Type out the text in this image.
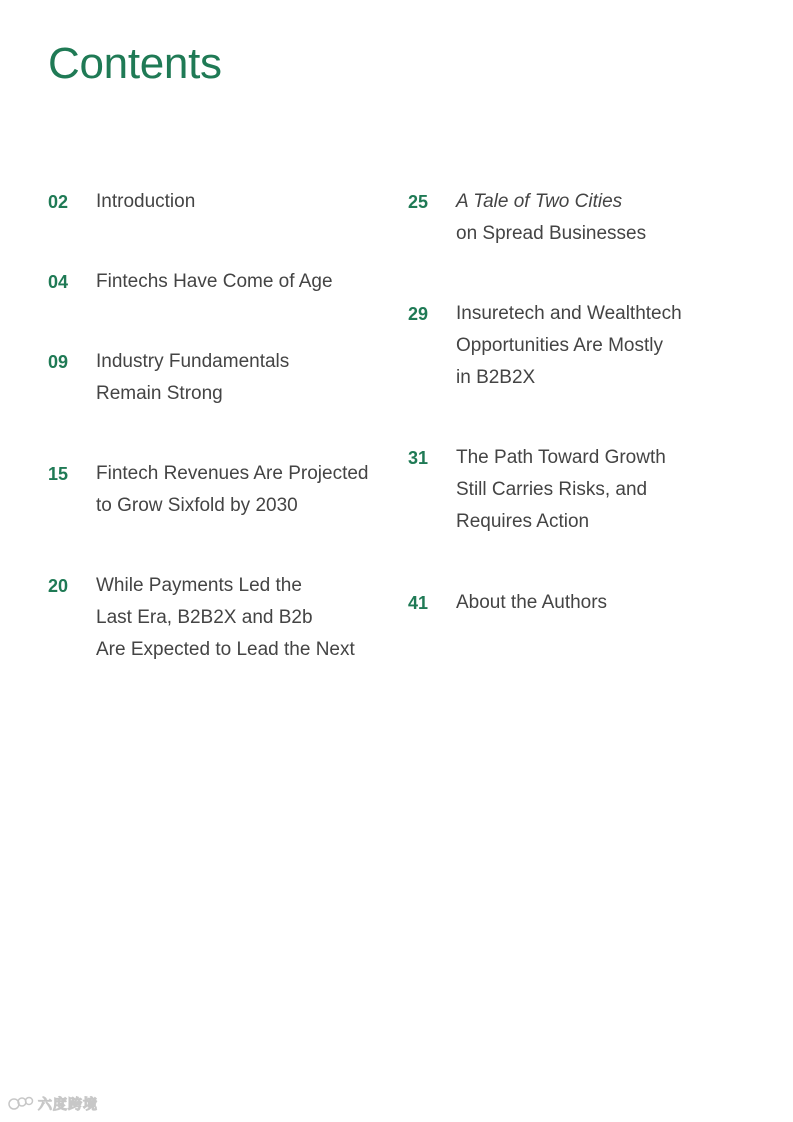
Contents
02	Introduction
04	Fintechs Have Come of Age
09	Industry Fundamentals
Remain Strong
15	Fintech Revenues Are Projected
to Grow Sixfold by 2030
20	While Payments Led the
Last Era, B2B2X and B2b
Are Expected to Lead the Next
25	A Tale of Two Cities
on Spread Businesses
29	Insuretech and Wealthtech
Opportunities Are Mostly
in B2B2X
31	The Path Toward Growth
Still Carries Risks, and
Requires Action
41	About the Authors
六度跨境
